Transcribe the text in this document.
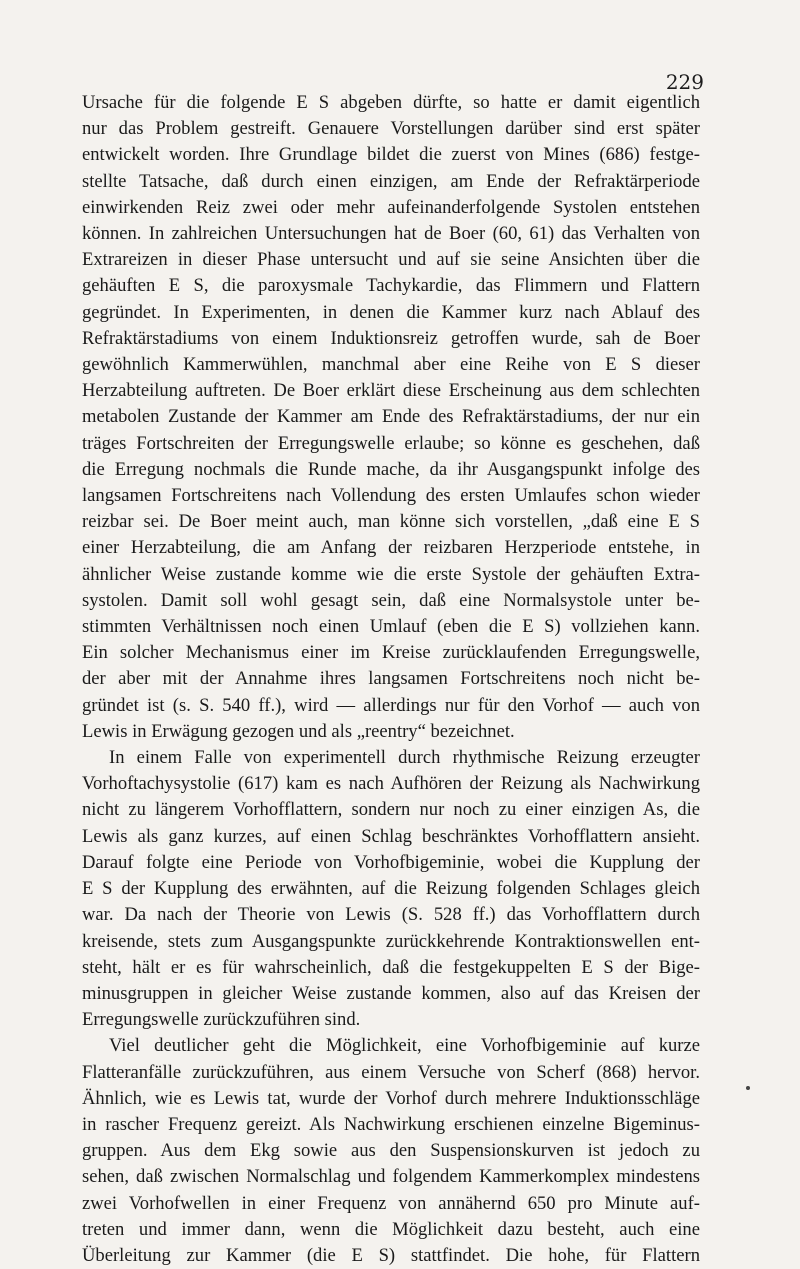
229
Ursache für die folgende E S abgeben dürfte, so hatte er damit eigentlich
nur das Problem gestreift. Genauere Vorstellungen darüber sind erst später
entwickelt worden. Ihre Grundlage bildet die zuerst von Mines (686) festge-
stellte Tatsache, daß durch einen einzigen, am Ende der Refraktärperiode
einwirkenden Reiz zwei oder mehr aufeinanderfolgende Systolen entstehen
können. In zahlreichen Untersuchungen hat de Boer (60, 61) das Verhalten von
Extrareizen in dieser Phase untersucht und auf sie seine Ansichten über die
gehäuften E S, die paroxysmale Tachykardie, das Flimmern und Flattern
gegründet. In Experimenten, in denen die Kammer kurz nach Ablauf des
Refraktärstadiums von einem Induktionsreiz getroffen wurde, sah de Boer
gewöhnlich Kammerwühlen, manchmal aber eine Reihe von E S dieser
Herzabteilung auftreten. De Boer erklärt diese Erscheinung aus dem schlechten
metabolen Zustande der Kammer am Ende des Refraktärstadiums, der nur ein
träges Fortschreiten der Erregungswelle erlaube; so könne es geschehen, daß
die Erregung nochmals die Runde mache, da ihr Ausgangspunkt infolge des
langsamen Fortschreitens nach Vollendung des ersten Umlaufes schon wieder
reizbar sei. De Boer meint auch, man könne sich vorstellen, „daß eine E S
einer Herzabteilung, die am Anfang der reizbaren Herzperiode entstehe, in
ähnlicher Weise zustande komme wie die erste Systole der gehäuften Extra-
systolen. Damit soll wohl gesagt sein, daß eine Normalsystole unter be-
stimmten Verhältnissen noch einen Umlauf (eben die E S) vollziehen kann.
Ein solcher Mechanismus einer im Kreise zurücklaufenden Erregungswelle,
der aber mit der Annahme ihres langsamen Fortschreitens noch nicht be-
gründet ist (s. S. 540 ff.), wird — allerdings nur für den Vorhof — auch von
Lewis in Erwägung gezogen und als „reentry“ bezeichnet.
In einem Falle von experimentell durch rhythmische Reizung erzeugter
Vorhoftachysystolie (617) kam es nach Aufhören der Reizung als Nachwirkung
nicht zu längerem Vorhofflattern, sondern nur noch zu einer einzigen As, die
Lewis als ganz kurzes, auf einen Schlag beschränktes Vorhofflattern ansieht.
Darauf folgte eine Periode von Vorhofbigeminie, wobei die Kupplung der
E S der Kupplung des erwähnten, auf die Reizung folgenden Schlages gleich
war. Da nach der Theorie von Lewis (S. 528 ff.) das Vorhofflattern durch
kreisende, stets zum Ausgangspunkte zurückkehrende Kontraktionswellen ent-
steht, hält er es für wahrscheinlich, daß die festgekuppelten E S der Bige-
minusgruppen in gleicher Weise zustande kommen, also auf das Kreisen der
Erregungswelle zurückzuführen sind.
Viel deutlicher geht die Möglichkeit, eine Vorhofbigeminie auf kurze
Flatteranfälle zurückzuführen, aus einem Versuche von Scherf (868) hervor.
Ähnlich, wie es Lewis tat, wurde der Vorhof durch mehrere Induktionsschläge
in rascher Frequenz gereizt. Als Nachwirkung erschienen einzelne Bigeminus-
gruppen. Aus dem Ekg sowie aus den Suspensionskurven ist jedoch zu
sehen, daß zwischen Normalschlag und folgendem Kammerkomplex mindestens
zwei Vorhofwellen in einer Frequenz von annähernd 650 pro Minute auf-
treten und immer dann, wenn die Möglichkeit dazu besteht, auch eine
Überleitung zur Kammer (die E S) stattfindet. Die hohe, für Flattern
